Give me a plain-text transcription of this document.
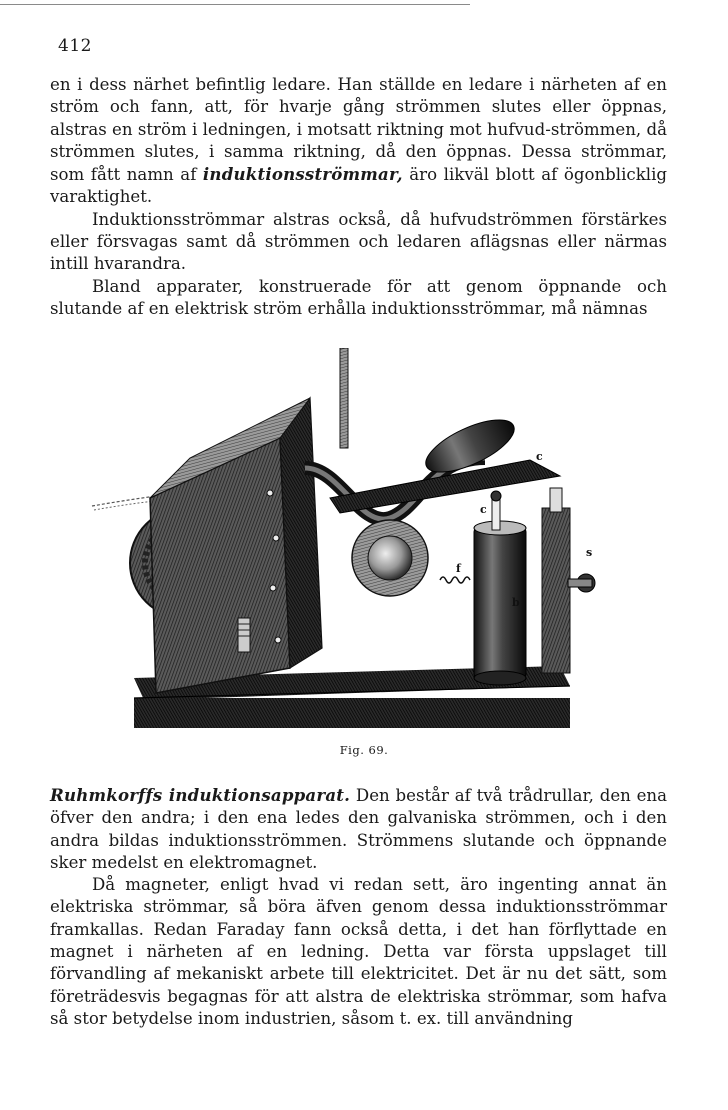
412

en i dess närhet befintlig ledare. Han ställde en ledare i närheten af en ström och fann, att, för hvarje gång strömmen slutes eller öppnas, alstras en ström i ledningen, i motsatt riktning mot hufvud-strömmen, då strömmen slutes, i samma riktning, då den öppnas. Dessa strömmar, som fått namn af induktionsströmmar, äro likväl blott af ögonblicklig varaktighet.

Induktionsströmmar alstras också, då hufvudströmmen förstärkes eller försvagas samt då strömmen och ledaren aflägsnas eller närmas intill hvarandra.

Bland apparater, konstruerade för att genom öppnande och slutande af en elektrisk ström erhålla induktionsströmmar, må nämnas

c
c
f
s
b
Fig. 69.

Ruhmkorffs induktionsapparat. Den består af två trådrullar, den ena öfver den andra; i den ena ledes den galvaniska strömmen, och i den andra bildas induktionsströmmen. Strömmens slutande och öppnande sker medelst en elektromagnet.

Då magneter, enligt hvad vi redan sett, äro ingenting annat än elektriska strömmar, så böra äfven genom dessa induktionsströmmar framkallas. Redan Faraday fann också detta, i det han förflyttade en magnet i närheten af en ledning. Detta var första uppslaget till förvandling af mekaniskt arbete till elektricitet. Det är nu det sätt, som företrädesvis begagnas för att alstra de elektriska strömmar, som hafva så stor betydelse inom industrien, såsom t. ex. till användning
